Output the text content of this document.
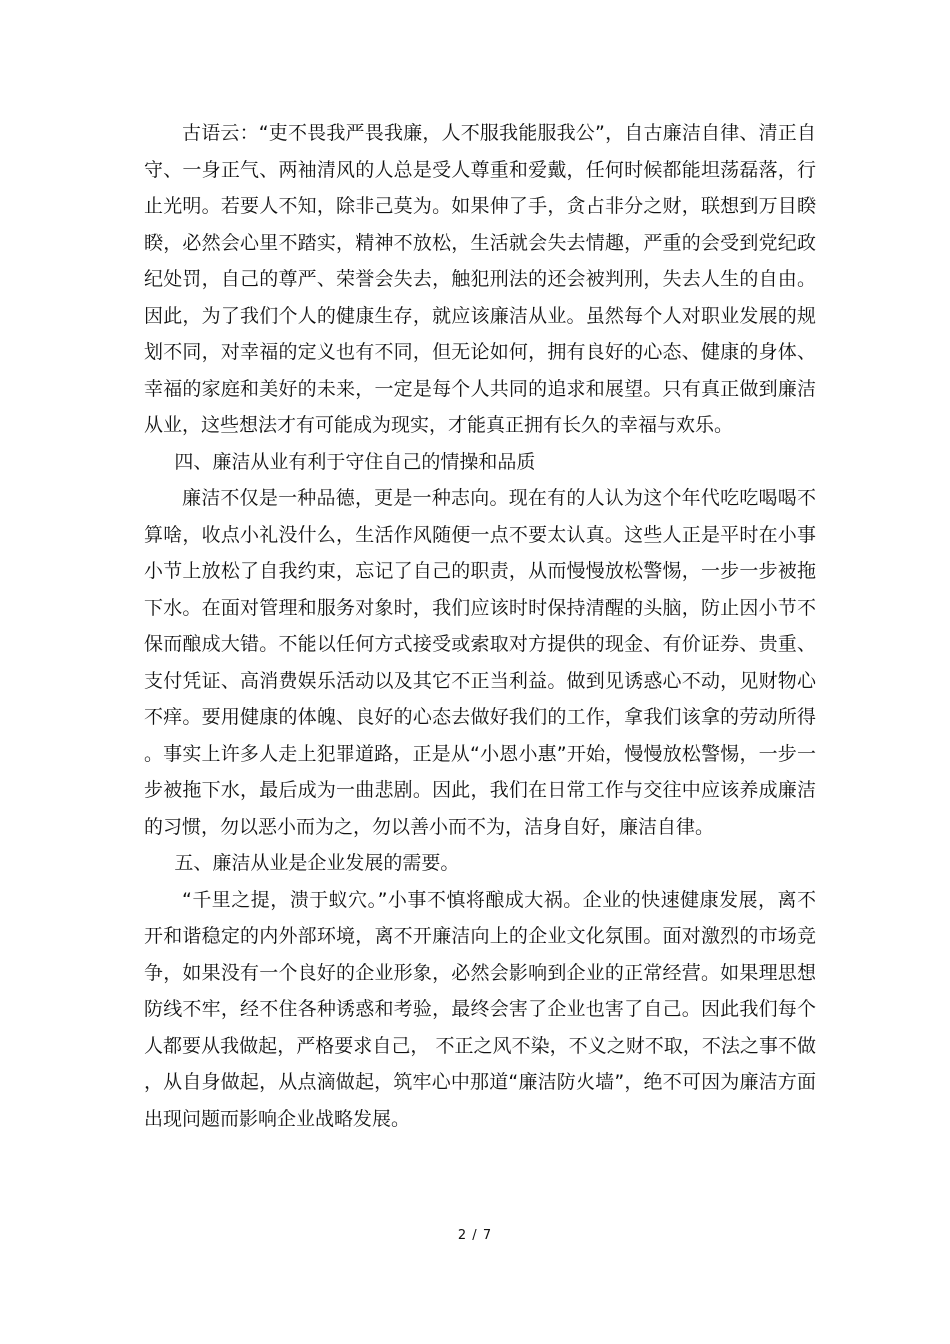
古语云：“吏不畏我严畏我廉，人不服我能服我公”，自古廉洁自律、清正自守、一身正气、两袖清风的人总是受人尊重和爱戴，任何时候都能坦荡磊落，行止光明。若要人不知，除非己莫为。如果伸了手，贪占非分之财，联想到万目睽睽，必然会心里不踏实，精神不放松，生活就会失去情趣，严重的会受到党纪政纪处罚，自己的尊严、荣誉会失去，触犯刑法的还会被判刑，失去人生的自由。因此，为了我们个人的健康生存，就应该廉洁从业。虽然每个人对职业发展的规划不同，对幸福的定义也有不同，但无论如何，拥有良好的心态、健康的身体、幸福的家庭和美好的未来，一定是每个人共同的追求和展望。只有真正做到廉洁从业，这些想法才有可能成为现实，才能真正拥有长久的幸福与欢乐。

四、廉洁从业有利于守住自己的情操和品质

廉洁不仅是一种品德，更是一种志向。现在有的人认为这个年代吃吃喝喝不算啥，收点小礼没什么，生活作风随便一点不要太认真。这些人正是平时在小事小节上放松了自我约束，忘记了自己的职责，从而慢慢放松警惕，一步一步被拖下水。在面对管理和服务对象时，我们应该时时保持清醒的头脑，防止因小节不保而酿成大错。不能以任何方式接受或索取对方提供的现金、有价证券、贵重、支付凭证、高消费娱乐活动以及其它不正当利益。做到见诱惑心不动，见财物心不痒。要用健康的体魄、良好的心态去做好我们的工作，拿我们该拿的劳动所得。事实上许多人走上犯罪道路，正是从“小恩小惠”开始，慢慢放松警惕，一步一步被拖下水，最后成为一曲悲剧。因此，我们在日常工作与交往中应该养成廉洁的习惯，勿以恶小而为之，勿以善小而不为，洁身自好，廉洁自律。

五、廉洁从业是企业发展的需要。

“千里之提，溃于蚁穴。”小事不慎将酿成大祸。企业的快速健康发展，离不开和谐稳定的内外部环境，离不开廉洁向上的企业文化氛围。面对激烈的市场竞争，如果没有一个良好的企业形象，必然会影响到企业的正常经营。如果理思想防线不牢，经不住各种诱惑和考验，最终会害了企业也害了自己。因此我们每个人都要从我做起，严格要求自己， 不正之风不染，不义之财不取，不法之事不做，从自身做起，从点滴做起，筑牢心中那道“廉洁防火墙”，绝不可因为廉洁方面出现问题而影响企业战略发展。

2 / 7
